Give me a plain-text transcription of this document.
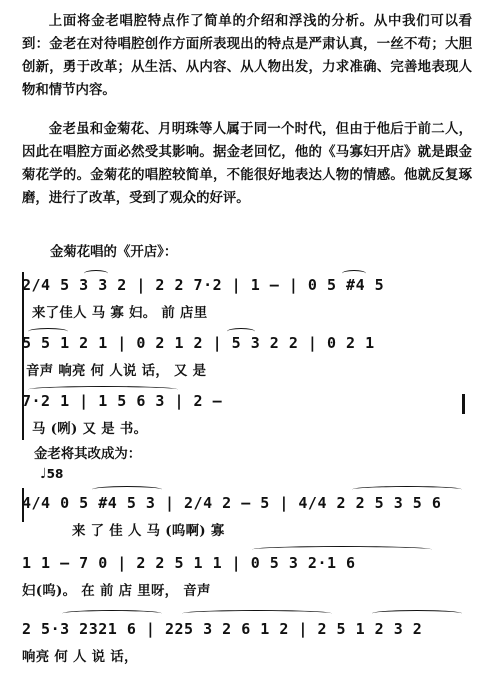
上面将金老唱腔特点作了简单的介绍和浮浅的分析。从中我们可以看到：金老在对待唱腔创作方面所表现出的特点是严肃认真，一丝不苟；大胆创新，勇于改革；从生活、从内容、从人物出发，力求准确、完善地表现人物和情节内容。

金老虽和金菊花、月明珠等人属于同一个时代，但由于他后于前二人，因此在唱腔方面必然受其影响。据金老回忆，他的《马寡妇开店》就是跟金菊花学的。金菊花的唱腔较简单，不能很好地表达人物的情感。他就反复琢磨，进行了改革，受到了观众的好评。

金菊花唱的《开店》：

2/4 5 3 3 2 | 2 2 7·2 | 1 — | 0 5 #4 5

来了佳人 马 寡 妇。 前 店里

5 5 1 2 1 | 0 2 1 2 | 5 3 2 2 | 0 2 1

音声 响亮 何 人说 话， 又 是

7·2 1 | 1 5 6 3 | 2 —

马 (咧) 又 是 书。

金老将其改成为：

♩58

4/4 0 5 #4 5 3 | 2/4 2 — 5 | 4/4 2 2 5 3 5 6

来 了 佳 人 马 (呜啊) 寡

1 1 — 7 0 | 2 2 5 1 1 | 0 5 3 2·1 6

妇(呜)。 在 前 店 里呀， 音声

2 5·3 2321 6 | 225 3 2 6 1 2 | 2 5 1 2 3 2

响亮 何 人 说 话，
